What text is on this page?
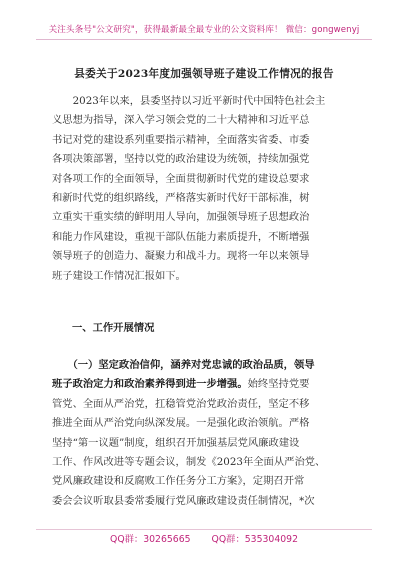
关注头条号"公文研究"，获得最新最全最专业的公文资料库！ 微信：gongwenyj
县委关于2023年度加强领导班子建设工作情况的报告
　　2023年以来，县委坚持以习近平新时代中国特色社会主
义思想为指导，深入学习领会党的二十大精神和习近平总
书记对党的建设系列重要指示精神，全面落实省委、市委
各项决策部署，坚持以党的政治建设为统领，持续加强党
对各项工作的全面领导，全面贯彻新时代党的建设总要求
和新时代党的组织路线，严格落实新时代好干部标准，树
立重实干重实绩的鲜明用人导向，加强领导班子思想政治
和能力作风建设，重视干部队伍能力素质提升，不断增强
领导班子的创造力、凝聚力和战斗力。现将一年以来领导
班子建设工作情况汇报如下。
一、工作开展情况
　　（一）坚定政治信仰，涵养对党忠诚的政治品质，领导
班子政治定力和政治素养得到进一步增强。始终坚持党要
管党、全面从严治党，扛稳管党治党政治责任，坚定不移
推进全面从严治党向纵深发展。一是强化政治领航。严格
坚持“第一议题”制度，组织召开加强基层党风廉政建设
工作、作风改进等专题会议，制发《2023年全面从严治党、
党风廉政建设和反腐败工作任务分工方案》，定期召开常
委会会议听取县委常委履行党风廉政建设责任制情况，*次
QQ群：30265665 QQ群：535304092
